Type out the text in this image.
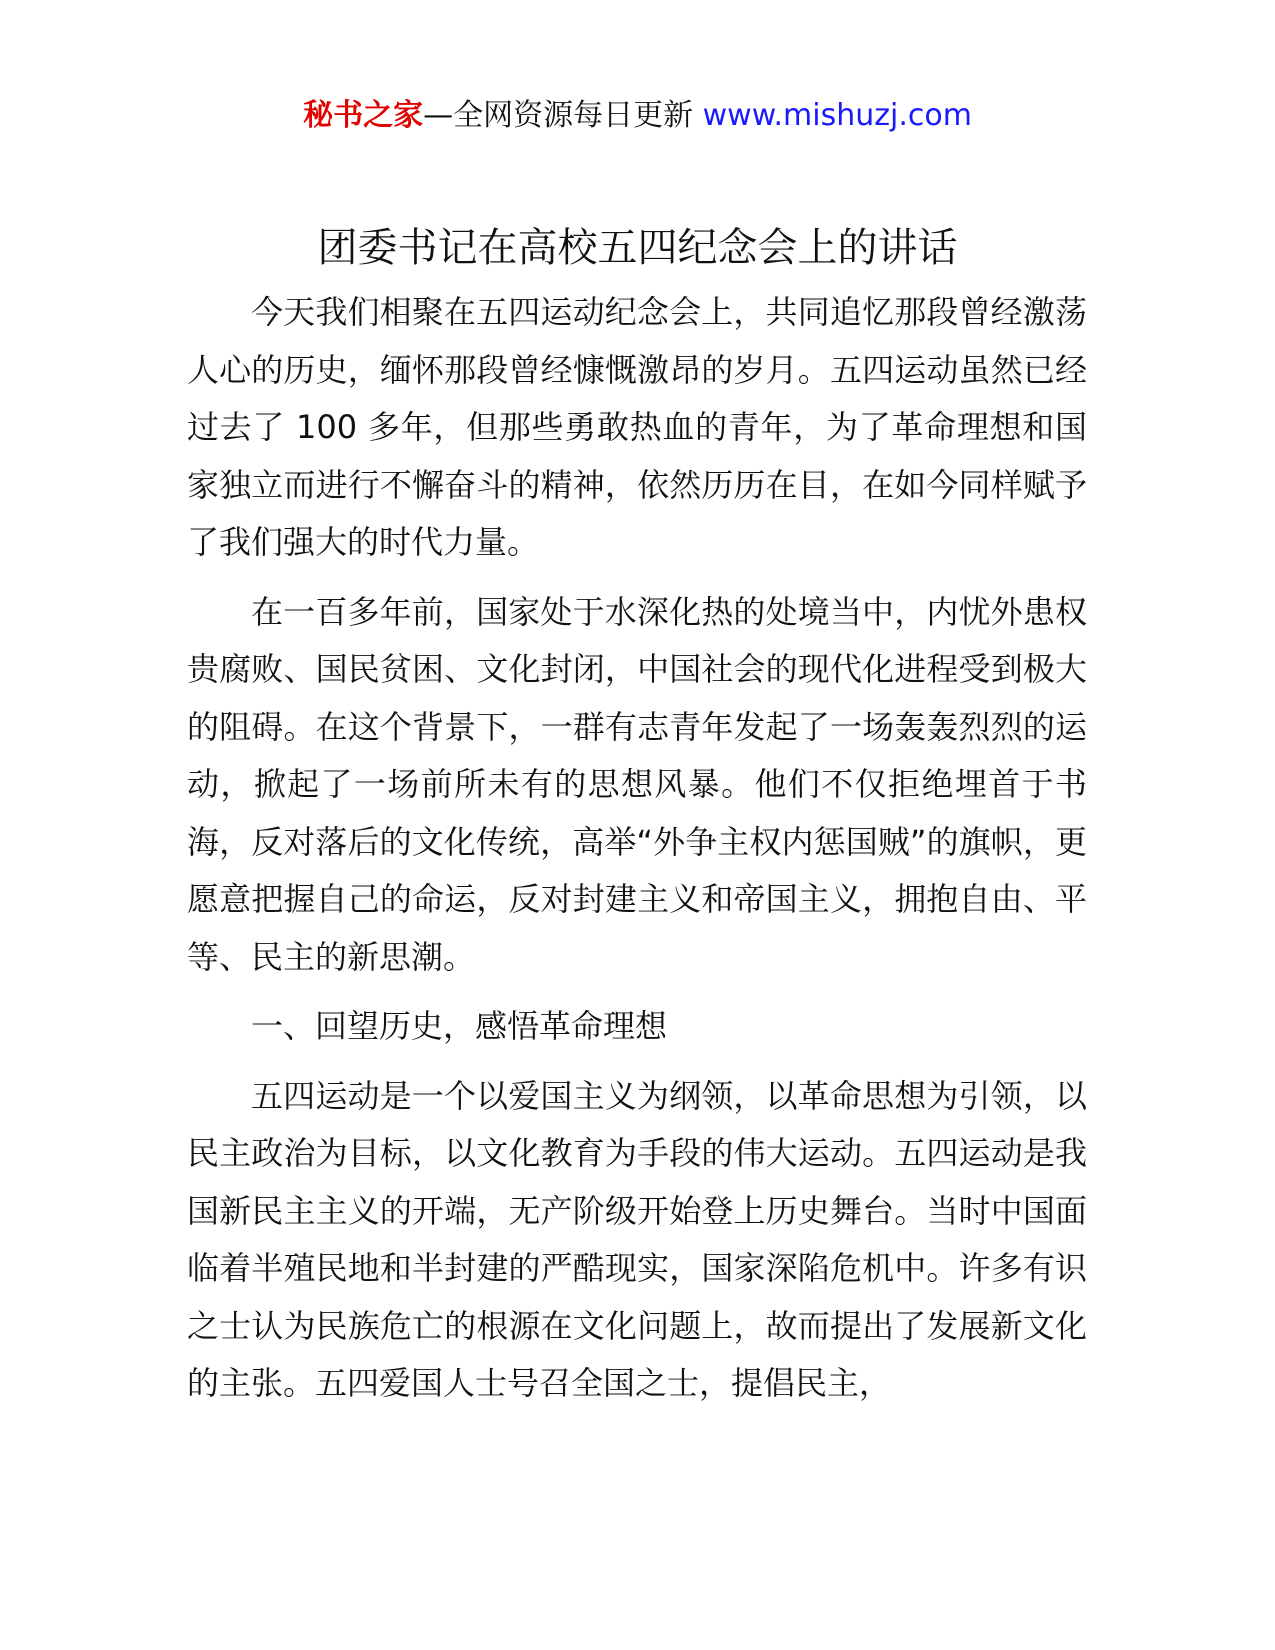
秘书之家—全网资源每日更新 www.mishuzj.com
团委书记在高校五四纪念会上的讲话

今天我们相聚在五四运动纪念会上，共同追忆那段曾经激荡人心的历史，缅怀那段曾经慷慨激昂的岁月。五四运动虽然已经过去了 100 多年，但那些勇敢热血的青年，为了革命理想和国家独立而进行不懈奋斗的精神，依然历历在目，在如今同样赋予了我们强大的时代力量。

在一百多年前，国家处于水深化热的处境当中，内忧外患权贵腐败、国民贫困、文化封闭，中国社会的现代化进程受到极大的阻碍。在这个背景下，一群有志青年发起了一场轰轰烈烈的运动，掀起了一场前所未有的思想风暴。他们不仅拒绝埋首于书海，反对落后的文化传统，高举“外争主权内惩国贼”的旗帜，更愿意把握自己的命运，反对封建主义和帝国主义，拥抱自由、平等、民主的新思潮。

一、回望历史，感悟革命理想

五四运动是一个以爱国主义为纲领，以革命思想为引领，以民主政治为目标，以文化教育为手段的伟大运动。五四运动是我国新民主主义的开端，无产阶级开始登上历史舞台。当时中国面临着半殖民地和半封建的严酷现实，国家深陷危机中。许多有识之士认为民族危亡的根源在文化问题上，故而提出了发展新文化的主张。五四爱国人士号召全国之士，提倡民主，
